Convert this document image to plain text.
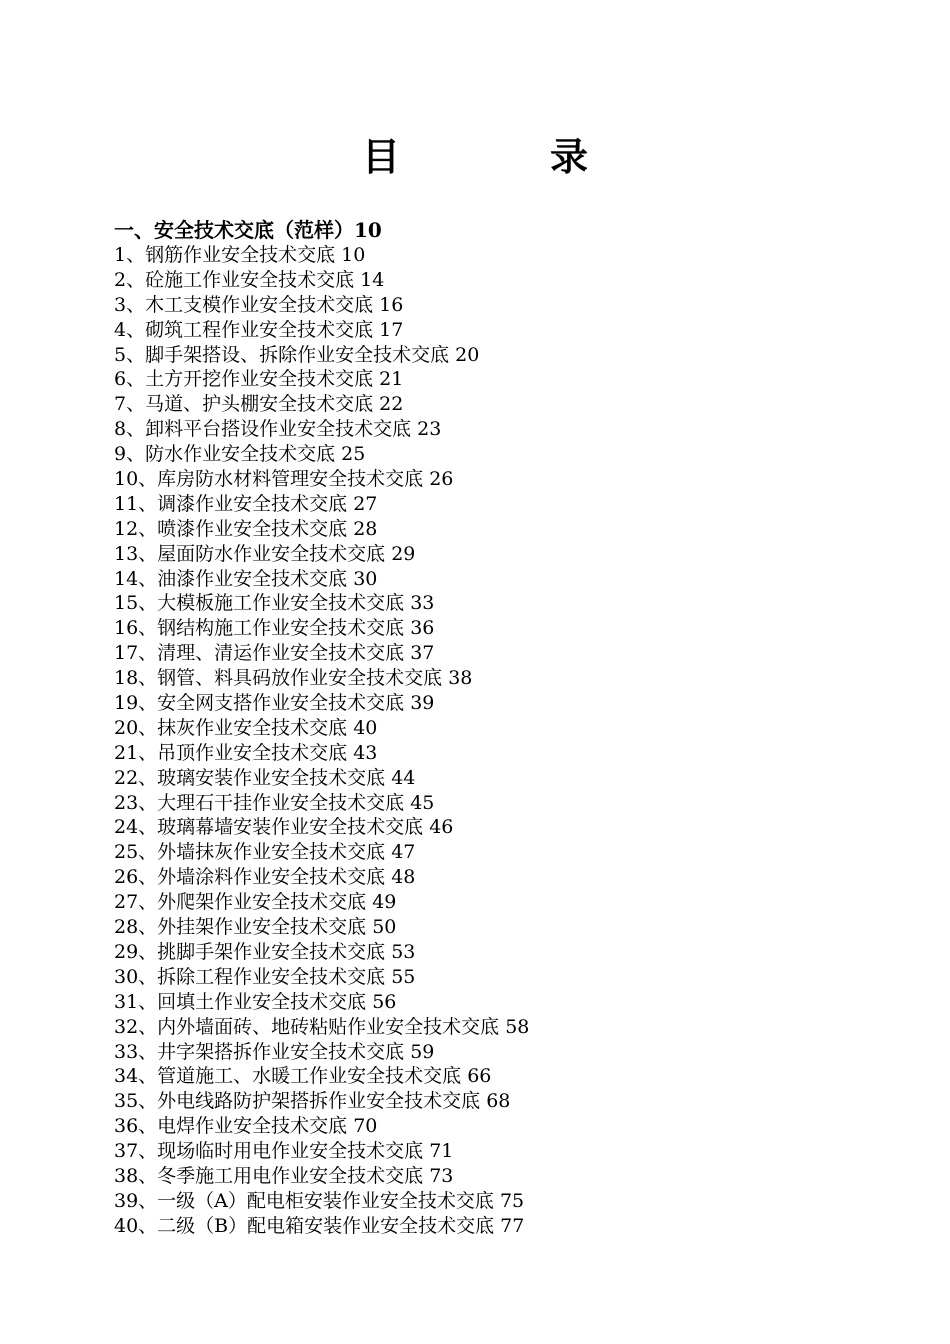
目　录
一、安全技术交底（范样）10
1、钢筋作业安全技术交底 10
2、砼施工作业安全技术交底 14
3、木工支模作业安全技术交底 16
4、砌筑工程作业安全技术交底 17
5、脚手架搭设、拆除作业安全技术交底 20
6、土方开挖作业安全技术交底 21
7、马道、护头棚安全技术交底 22
8、卸料平台搭设作业安全技术交底 23
9、防水作业安全技术交底 25
10、库房防水材料管理安全技术交底 26
11、调漆作业安全技术交底 27
12、喷漆作业安全技术交底 28
13、屋面防水作业安全技术交底 29
14、油漆作业安全技术交底 30
15、大模板施工作业安全技术交底 33
16、钢结构施工作业安全技术交底 36
17、清理、清运作业安全技术交底 37
18、钢管、料具码放作业安全技术交底 38
19、安全网支搭作业安全技术交底 39
20、抹灰作业安全技术交底 40
21、吊顶作业安全技术交底 43
22、玻璃安装作业安全技术交底 44
23、大理石干挂作业安全技术交底 45
24、玻璃幕墙安装作业安全技术交底 46
25、外墙抹灰作业安全技术交底 47
26、外墙涂料作业安全技术交底 48
27、外爬架作业安全技术交底 49
28、外挂架作业安全技术交底 50
29、挑脚手架作业安全技术交底 53
30、拆除工程作业安全技术交底 55
31、回填土作业安全技术交底 56
32、内外墙面砖、地砖粘贴作业安全技术交底 58
33、井字架搭拆作业安全技术交底 59
34、管道施工、水暖工作业安全技术交底 66
35、外电线路防护架搭拆作业安全技术交底 68
36、电焊作业安全技术交底 70
37、现场临时用电作业安全技术交底 71
38、冬季施工用电作业安全技术交底 73
39、一级（A）配电柜安装作业安全技术交底 75
40、二级（B）配电箱安装作业安全技术交底 77
